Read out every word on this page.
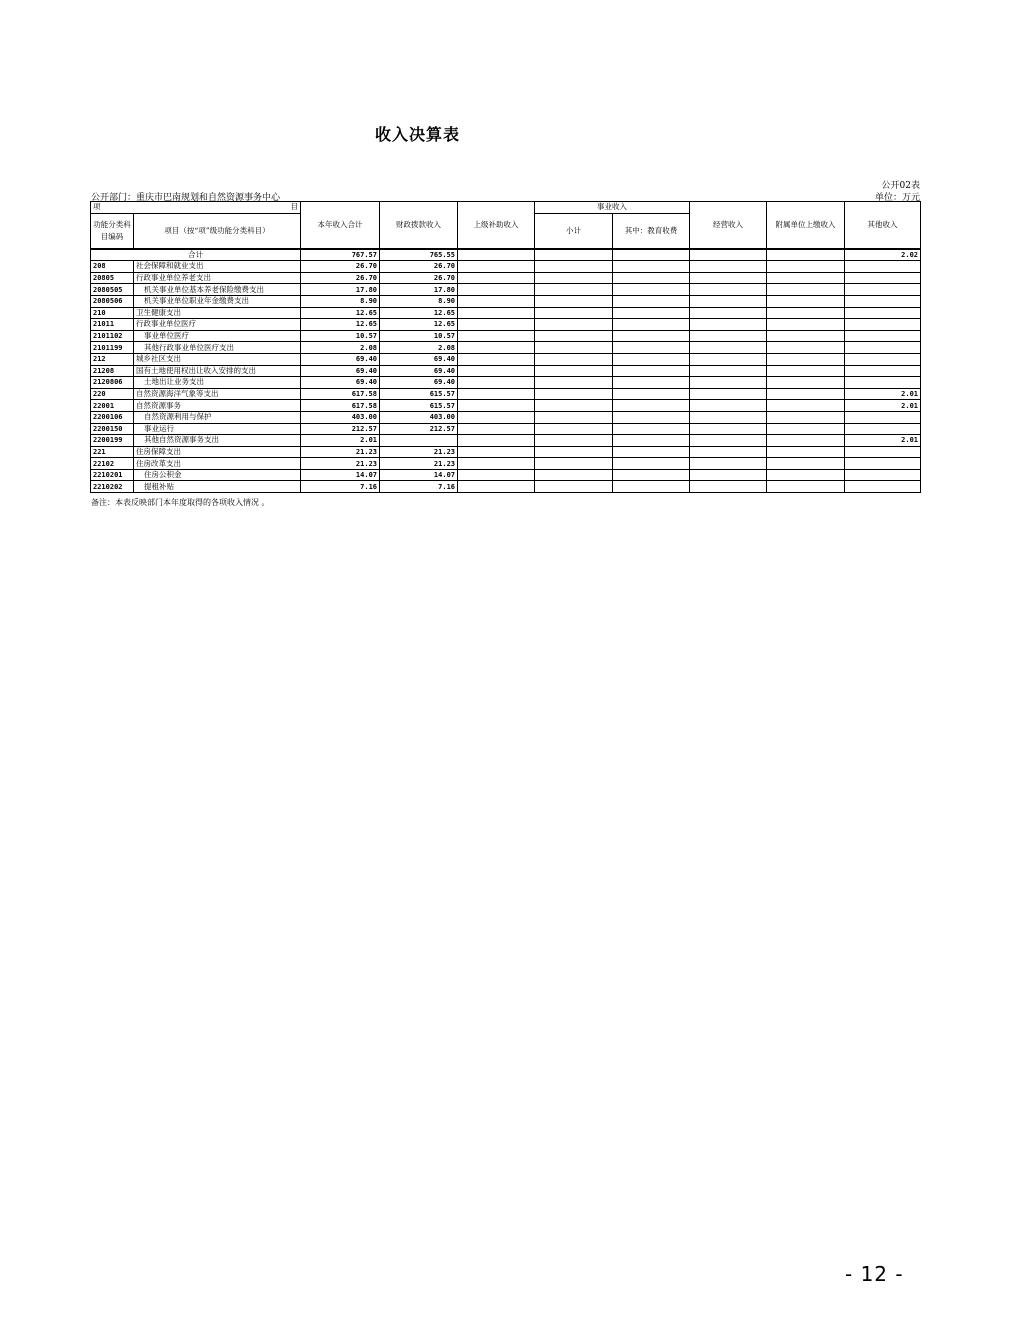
收入决算表
公开02表
公开部门：重庆市巴南规划和自然资源事务中心	单位：万元
项 目		本年收入合计	财政拨款收入	上级补助收入	事业收入		经营收入	附属单位上缴收入	其他收入
功能分类科目编码	项目（按“项”级功能分类科目）				小计	其中：教育收费			

合计		767.57	765.55						2.02
208	社会保障和就业支出	26.70	26.70						
20805	行政事业单位养老支出	26.70	26.70						
2080505	机关事业单位基本养老保险缴费支出	17.80	17.80						
2080506	机关事业单位职业年金缴费支出	8.90	8.90						
210	卫生健康支出	12.65	12.65						
21011	行政事业单位医疗	12.65	12.65						
2101102	事业单位医疗	10.57	10.57						
2101199	其他行政事业单位医疗支出	2.08	2.08						
212	城乡社区支出	69.40	69.40						
21208	国有土地使用权出让收入安排的支出	69.40	69.40						
2120806	土地出让业务支出	69.40	69.40						
220	自然资源海洋气象等支出	617.58	615.57						2.01
22001	自然资源事务	617.58	615.57						2.01
2200106	自然资源利用与保护	403.00	403.00						
2200150	事业运行	212.57	212.57						
2200199	其他自然资源事务支出	2.01							2.01
221	住房保障支出	21.23	21.23						
22102	住房改革支出	21.23	21.23						
2210201	住房公积金	14.07	14.07						
2210202	提租补贴	7.16	7.16						
备注：本表反映部门本年度取得的各项收入情况 。
- 12 -
